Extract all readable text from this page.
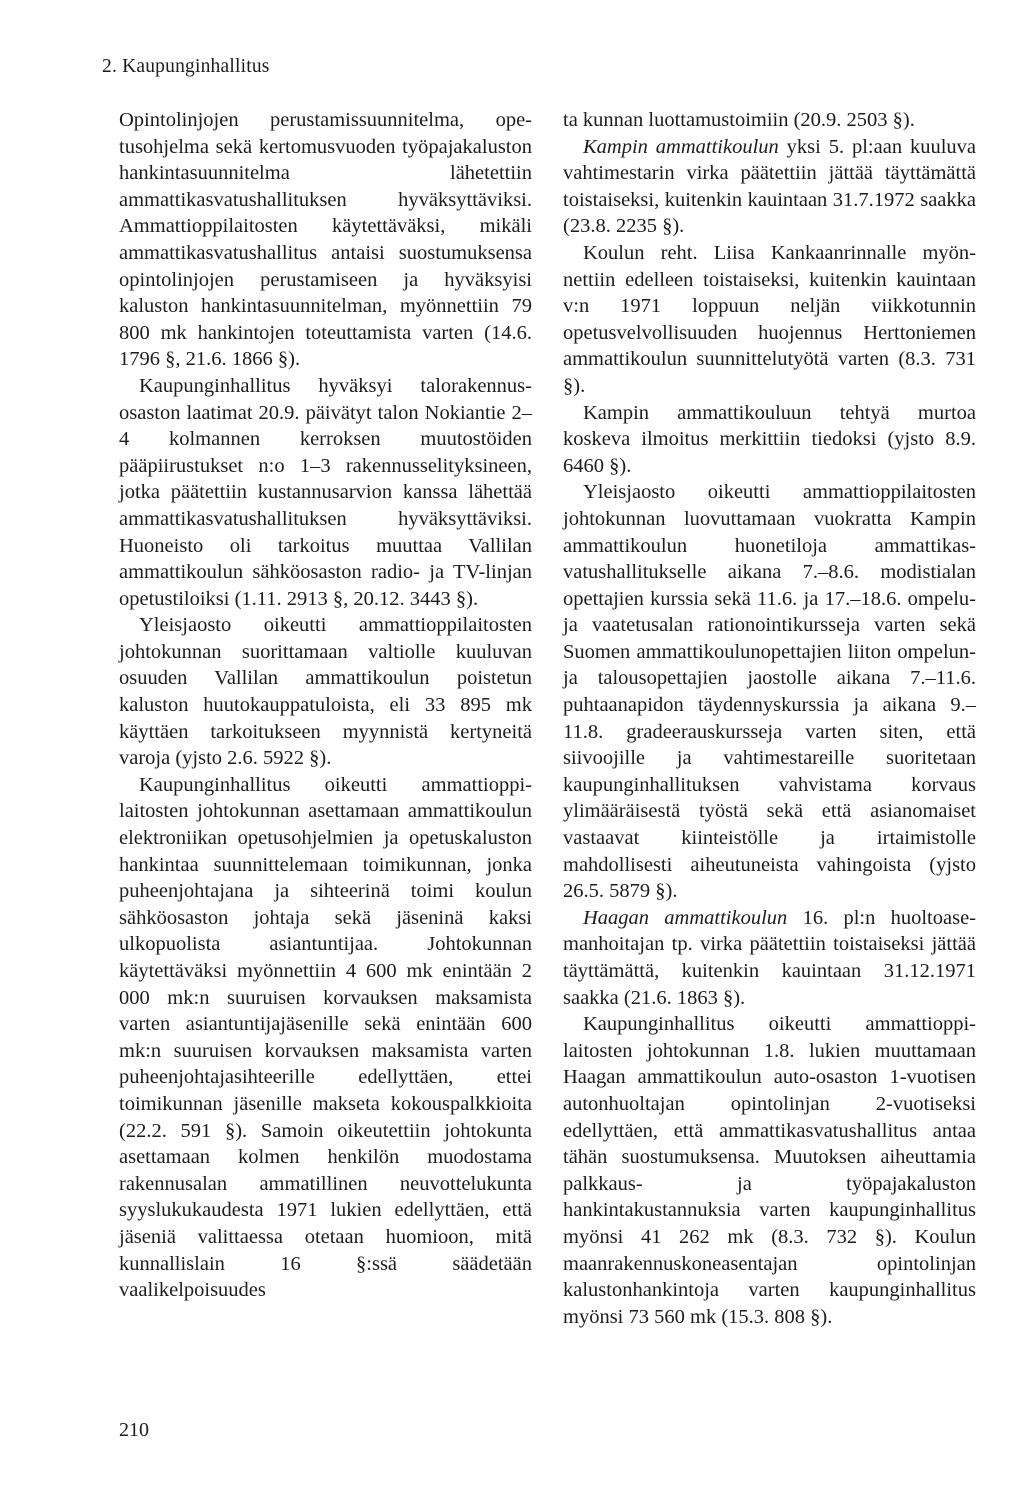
2. Kaupunginhallitus

Opintolinjojen perustamissuunnitelma, opetusohjelma sekä kertomusvuoden työpajakaluston hankintasuunnitelma lähetettiin ammattikasvatushallituksen hyväksyttäviksi. Ammattioppilaitosten käytettäväksi, mikäli ammattikasvatushallitus antaisi suostumuksensa opintolinjojen perustamiseen ja hyväksyisi kaluston hankintasuunnitelman, myönnettiin 79 800 mk hankintojen toteuttamista varten (14.6. 1796 §, 21.6. 1866 §).

Kaupunginhallitus hyväksyi talorakennusosaston laatimat 20.9. päivätyt talon Nokiantie 2–4 kolmannen kerroksen muutostöiden pääpiirustukset n:o 1–3 rakennusselityksineen, jotka päätettiin kustannusarvion kanssa lähettää ammattikasvatushallituksen hyväksyttäviksi. Huoneisto oli tarkoitus muuttaa Vallilan ammattikoulun sähköosaston radio- ja TV-linjan opetustiloiksi (1.11. 2913 §, 20.12. 3443 §).

Yleisjaosto oikeutti ammattioppilaitosten johtokunnan suorittamaan valtiolle kuuluvan osuuden Vallilan ammattikoulun poistetun kaluston huutokauppatuloista, eli 33 895 mk käyttäen tarkoitukseen myynnistä kertyneitä varoja (yjsto 2.6. 5922 §).

Kaupunginhallitus oikeutti ammattioppilaitosten johtokunnan asettamaan ammattikoulun elektroniikan opetusohjelmien ja opetuskaluston hankintaa suunnittelemaan toimikunnan, jonka puheenjohtajana ja sihteerinä toimi koulun sähköosaston johtaja sekä jäseninä kaksi ulkopuolista asiantuntijaa. Johtokunnan käytettäväksi myönnettiin 4 600 mk enintään 2 000 mk:n suuruisen korvauksen maksamista varten asiantuntijajäsenille sekä enintään 600 mk:n suuruisen korvauksen maksamista varten puheenjohtajasihteerille edellyttäen, ettei toimikunnan jäsenille makseta kokouspalkkioita (22.2. 591 §). Samoin oikeutettiin johtokunta asettamaan kolmen henkilön muodostama rakennusalan ammatillinen neuvottelukunta syyslukukaudesta 1971 lukien edellyttäen, että jäseniä valittaessa otetaan huomioon, mitä kunnallislain 16 §:ssä säädetään vaalikelpoisuudes

ta kunnan luottamustoimiin (20.9. 2503 §).

Kampin ammattikoulun yksi 5. pl:aan kuuluva vahtimestarin virka päätettiin jättää täyttämättä toistaiseksi, kuitenkin kauintaan 31.7.1972 saakka (23.8. 2235 §).

Koulun reht. Liisa Kankaanrinnalle myönnettiin edelleen toistaiseksi, kuitenkin kauintaan v:n 1971 loppuun neljän viikkotunnin opetusvelvollisuuden huojennus Herttoniemen ammattikoulun suunnittelutyötä varten (8.3. 731 §).

Kampin ammattikouluun tehtyä murtoa koskeva ilmoitus merkittiin tiedoksi (yjsto 8.9. 6460 §).

Yleisjaosto oikeutti ammattioppilaitosten johtokunnan luovuttamaan vuokratta Kampin ammattikoulun huonetiloja ammattikasvatushallitukselle aikana 7.–8.6. modistialan opettajien kurssia sekä 11.6. ja 17.–18.6. ompelu- ja vaatetusalan rationointikursseja varten sekä Suomen ammattikoulunopettajien liiton ompelun- ja talousopettajien jaostolle aikana 7.–11.6. puhtaanapidon täydennyskurssia ja aikana 9.–11.8. gradeerauskursseja varten siten, että siivoojille ja vahtimestareille suoritetaan kaupunginhallituksen vahvistama korvaus ylimääräisestä työstä sekä että asianomaiset vastaavat kiinteistölle ja irtaimistolle mahdollisesti aiheutuneista vahingoista (yjsto 26.5. 5879 §).

Haagan ammattikoulun 16. pl:n huoltoasemanhoitajan tp. virka päätettiin toistaiseksi jättää täyttämättä, kuitenkin kauintaan 31.12.1971 saakka (21.6. 1863 §).

Kaupunginhallitus oikeutti ammattioppilaitosten johtokunnan 1.8. lukien muuttamaan Haagan ammattikoulun auto-osaston 1-vuotisen autonhuoltajan opintolinjan 2-vuotiseksi edellyttäen, että ammattikasvatushallitus antaa tähän suostumuksensa. Muutoksen aiheuttamia palkkaus- ja työpajakaluston hankintakustannuksia varten kaupunginhallitus myönsi 41 262 mk (8.3. 732 §). Koulun maanrakennuskoneasentajan opintolinjan kalustonhankintoja varten kaupunginhallitus myönsi 73 560 mk (15.3. 808 §).

210
